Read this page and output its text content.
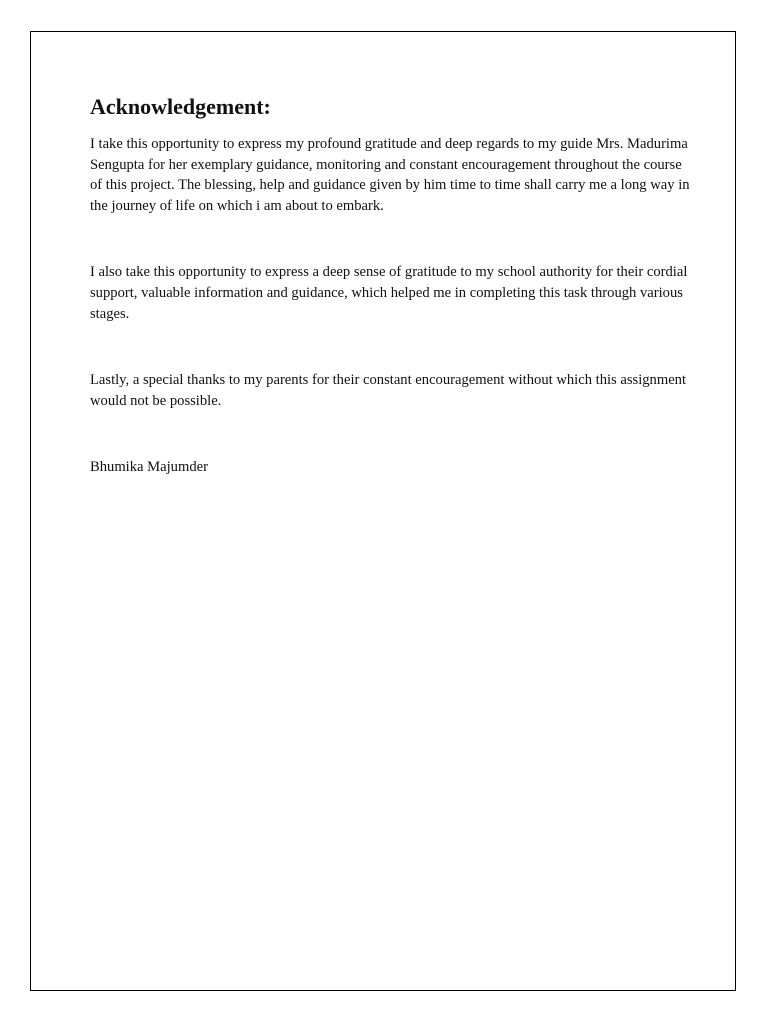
Acknowledgement:

I take this opportunity to express my profound gratitude and deep regards to my guide Mrs. Madurima Sengupta for her exemplary guidance, monitoring and constant encouragement throughout the course of this project. The blessing, help and guidance given by him time to time shall carry me a long way in the journey of life on which i am about to embark.

I also take this opportunity to express a deep sense of gratitude to my school authority for their cordial support, valuable information and guidance, which helped me in completing this task through various stages.

Lastly, a special thanks to my parents for their constant encouragement without which this assignment would not be possible.

Bhumika Majumder
